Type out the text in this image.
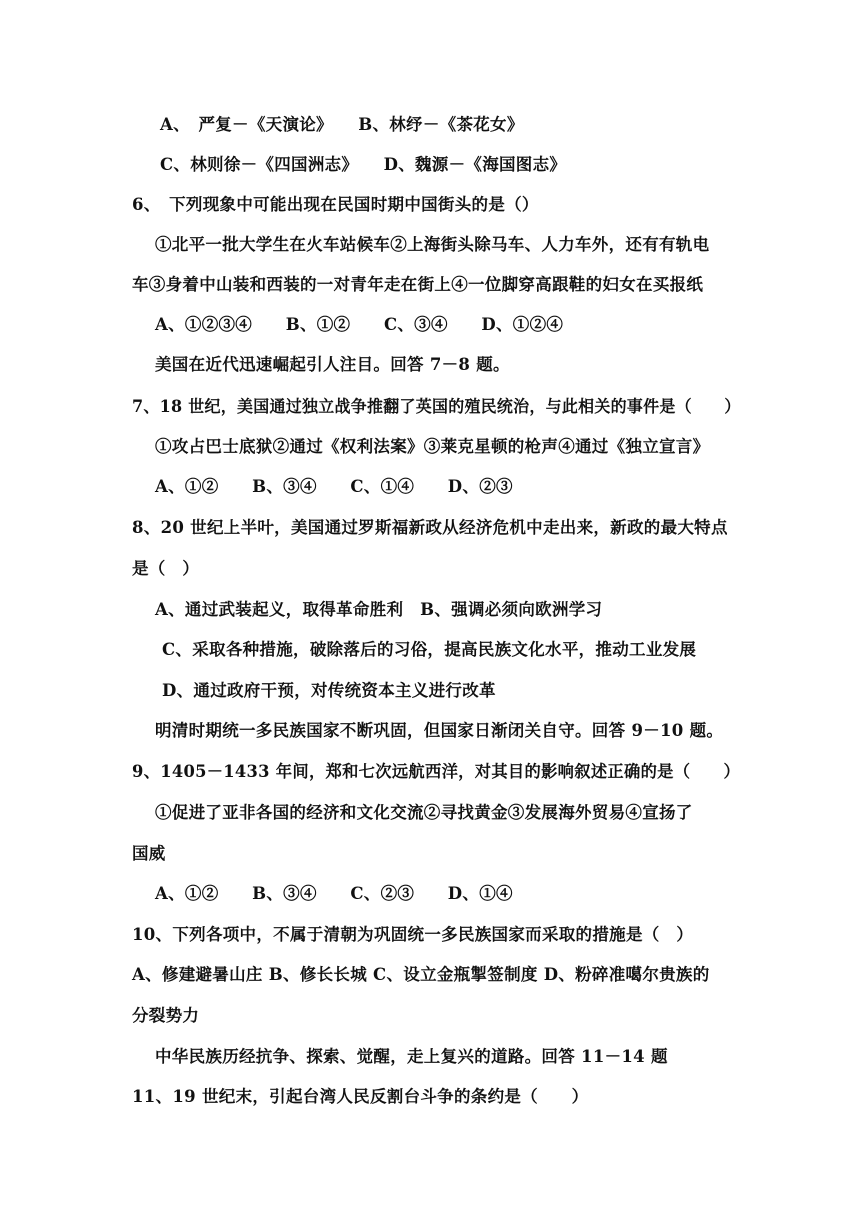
A、　严复－《天演论》　　B、林纾－《茶花女》
C、林则徐－《四国洲志》　　D、魏源－《海国图志》
6、　下列现象中可能出现在民国时期中国街头的是（）
①北平一批大学生在火车站候车②上海街头除马车、人力车外，还有有轨电
车③身着中山装和西装的一对青年走在街上④一位脚穿高跟鞋的妇女在买报纸
A、①②③④　　B、①②　　C、③④　　D、①②④
美国在近代迅速崛起引人注目。回答 7－8 题。
7、18 世纪，美国通过独立战争推翻了英国的殖民统治，与此相关的事件是（　　）
①攻占巴士底狱②通过《权利法案》③莱克星顿的枪声④通过《独立宣言》
A、①②　　B、③④　　C、①④　　D、②③
8、20 世纪上半叶，美国通过罗斯福新政从经济危机中走出来，新政的最大特点
是（　）
A、通过武装起义，取得革命胜利　B、强调必须向欧洲学习
C、采取各种措施，破除落后的习俗，提高民族文化水平，推动工业发展
D、通过政府干预，对传统资本主义进行改革
明清时期统一多民族国家不断巩固，但国家日渐闭关自守。回答 9－10 题。
9、1405－1433 年间，郑和七次远航西洋，对其目的影响叙述正确的是（　　）
①促进了亚非各国的经济和文化交流②寻找黄金③发展海外贸易④宣扬了
国威
A、①②　　B、③④　　C、②③　　D、①④
10、下列各项中，不属于清朝为巩固统一多民族国家而采取的措施是（　）
A、修建避暑山庄 B、修长长城 C、设立金瓶掣签制度 D、粉碎准噶尔贵族的
分裂势力
中华民族历经抗争、探索、觉醒，走上复兴的道路。回答 11－14 题
11、19 世纪末，引起台湾人民反割台斗争的条约是（　　）
